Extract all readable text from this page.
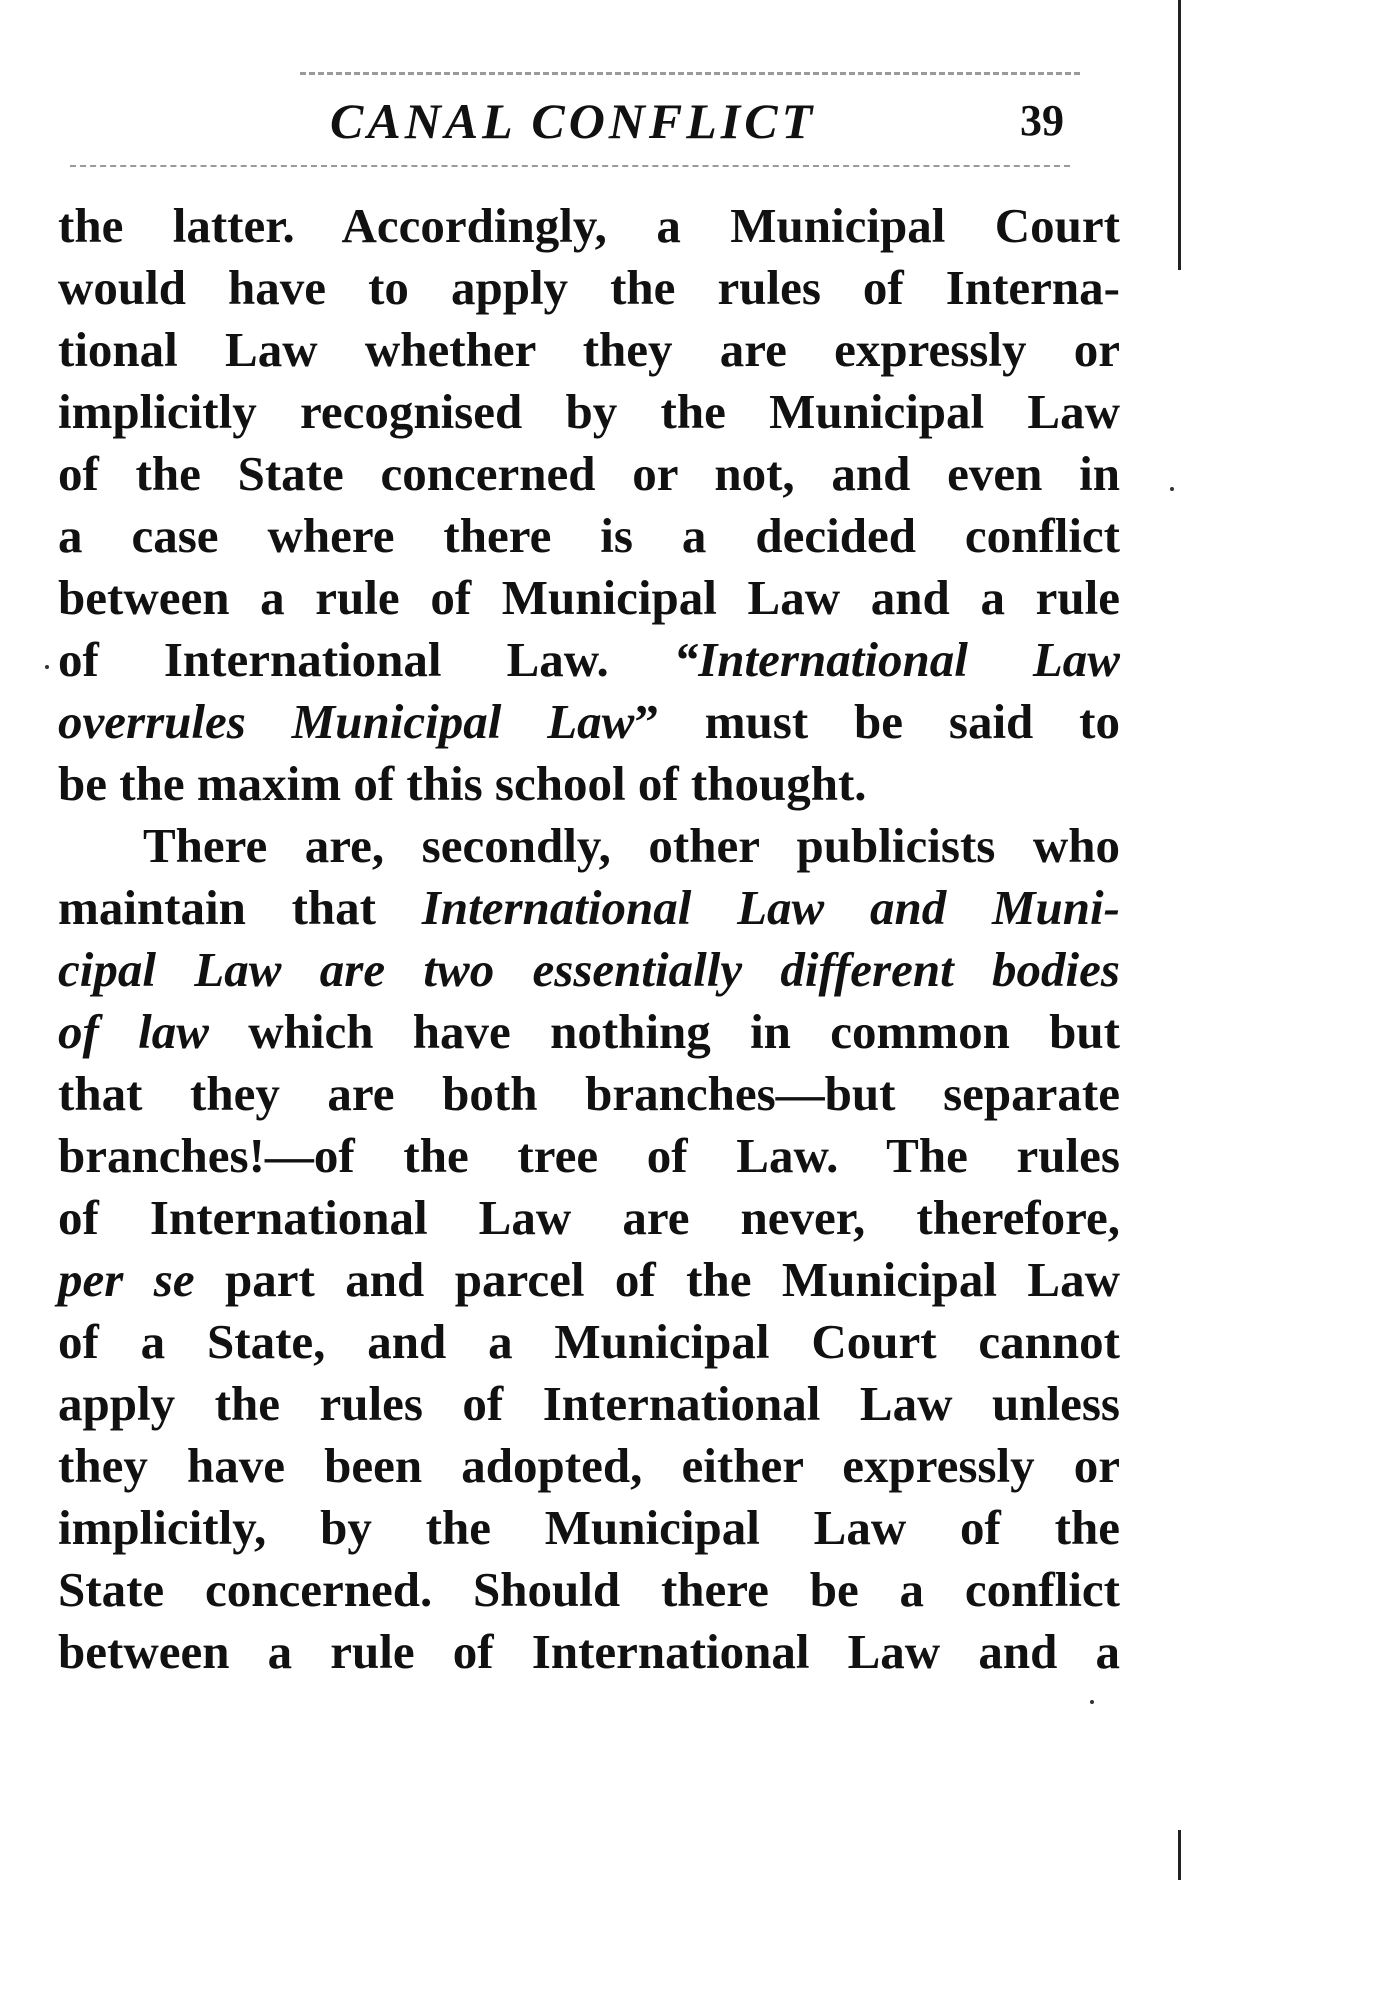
CANAL CONFLICT	39
the latter. Accordingly, a Municipal Court
would have to apply the rules of Interna-
tional Law whether they are expressly or
implicitly recognised by the Municipal Law
of the State concerned or not, and even in
a case where there is a decided conflict
between a rule of Municipal Law and a rule
of International Law. “International Law
overrules Municipal Law” must be said to
be the maxim of this school of thought.
There are, secondly, other publicists who
maintain that International Law and Muni-
cipal Law are two essentially different bodies
of law which have nothing in common but
that they are both branches—but separate
branches!—of the tree of Law. The rules
of International Law are never, therefore,
per se part and parcel of the Municipal Law
of a State, and a Municipal Court cannot
apply the rules of International Law unless
they have been adopted, either expressly or
implicitly, by the Municipal Law of the
State concerned. Should there be a conflict
between a rule of International Law and a
